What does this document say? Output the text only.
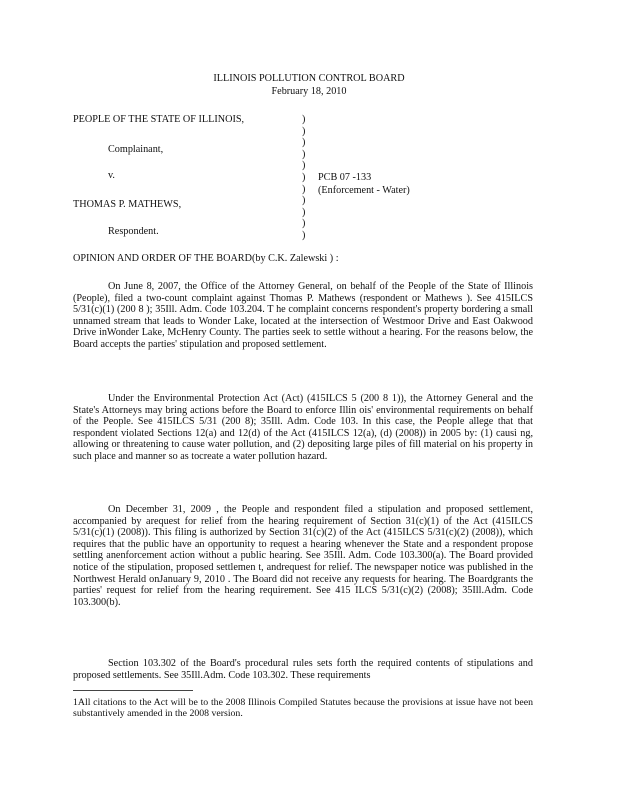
ILLINOIS POLLUTION CONTROL BOARD
February 18, 2010
PEOPLE OF THE STATE OF ILLINOIS,
Complainant,
v.
THOMAS P. MATHEWS,
Respondent.
)
)
)
)
)
)
)
)
)
)
)
PCB 07 -133
(Enforcement - Water)
OPINION AND ORDER OF THE BOARD(by C.K. Zalewski ) :

On June 8, 2007, the Office of the Attorney General, on behalf of the People of the State of Illinois (People), filed a two-count complaint against Thomas P. Mathews (respondent or Mathews ). See 415ILCS 5/31(c)(1) (200 8 ); 35Ill. Adm. Code 103.204. T he complaint concerns respondent's property bordering a small unnamed stream that leads to Wonder Lake, located at the intersection of Westmoor Drive and East Oakwood Drive inWonder Lake, McHenry County. The parties seek to settle without a hearing. For the reasons below, the Board accepts the parties' stipulation and proposed settlement.

Under the Environmental Protection Act (Act) (415ILCS 5 (200 8 1)), the Attorney General and the State's Attorneys may bring actions before the Board to enforce Illin ois' environmental requirements on behalf of the People. See 415ILCS 5/31 (200 8); 35Ill. Adm. Code 103. In this case, the People allege that that respondent violated Sections 12(a) and 12(d) of the Act (415ILCS 12(a), (d) (2008)) in 2005 by: (1) causi ng, allowing or threatening to cause water pollution, and (2) depositing large piles of fill material on his property in such place and manner so as tocreate a water pollution hazard.

On December 31, 2009 , the People and respondent filed a stipulation and proposed settlement, accompanied by arequest for relief from the hearing requirement of Section 31(c)(1) of the Act (415ILCS 5/31(c)(1) (2008)). This filing is authorized by Section 31(c)(2) of the Act (415ILCS 5/31(c)(2) (2008)), which requires that the public have an opportunity to request a hearing whenever the State and a respondent propose settling anenforcement action without a public hearing. See 35Ill. Adm. Code 103.300(a). The Board provided notice of the stipulation, proposed settlemen t, andrequest for relief. The newspaper notice was published in the Northwest Herald onJanuary 9, 2010 . The Board did not receive any requests for hearing. The Boardgrants the parties' request for relief from the hearing requirement. See 415 ILCS 5/31(c)(2) (2008); 35Ill.Adm. Code 103.300(b).

Section 103.302 of the Board's procedural rules sets forth the required contents of stipulations and proposed settlements. See 35Ill.Adm. Code 103.302. These requirements

1All citations to the Act will be to the 2008 Illinois Compiled Statutes because the provisions at issue have not been substantively amended in the 2008 version.
